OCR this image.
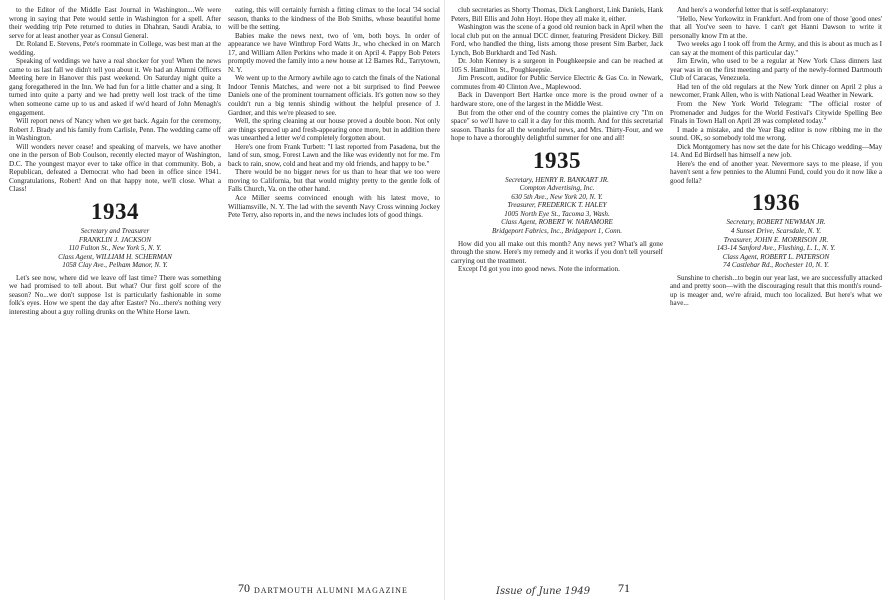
to the Editor of the Middle East Journal in Washington....We were wrong in saying that Pete would settle in Washington for a spell. After their wedding trip Pete returned to duties in Dhahran, Saudi Arabia, to serve for at least another year as Consul General.

Dr. Roland E. Stevens, Pete's roommate in College, was best man at the wedding.

Speaking of weddings we have a real shocker for you! When the news came to us last fall we didn't tell you about it. We had an Alumni Officers Meeting here in Hanover this past weekend. On Saturday night quite a gang foregathered in the Inn. We had fun for a little chatter and a sing. It turned into quite a party and we had pretty well lost track of the time when someone came up to us and asked if we'd heard of John Menagh's engagement.

Will report news of Nancy when we get back. Again for the ceremony, Robert J. Brady and his family from Carlisle, Penn. The wedding came off in Washington.

Will wonders never cease! and speaking of marvels, we have another one in the person of Bob Coulson, recently elected mayor of Washington, D.C. The youngest mayor ever to take office in that community. Bob, a Republican, defeated a Democrat who had been in office since 1941. Congratulations, Robert! And on that happy note, we'll close. What a Class!

1934

Secretary and Treasurer

FRANKLIN J. JACKSON

110 Fulton St., New York 5, N. Y.

Class Agent, WILLIAM H. SCHERMAN

1058 Clay Ave., Pelham Manor, N. Y.

Let's see now, where did we leave off last time? There was something we had promised to tell about. But what? Our first golf score of the season? No...we don't suppose 1st is particularly fashionable in some folk's eyes. How we spent the day after Easter? No...there's nothing very interesting about a guy rolling drunks on the White Horse lawn.

eating, this will certainly furnish a fitting climax to the local '34 social season, thanks to the kindness of the Bob Smiths, whose beautiful home will be the setting.

Babies make the news next, two of 'em, both boys. In order of appearance we have Winthrop Ford Watts Jr., who checked in on March 17, and William Allen Perkins who made it on April 4. Pappy Bob Peters promptly moved the family into a new house at 12 Barnes Rd., Tarrytown, N. Y.

We went up to the Armory awhile ago to catch the finals of the National Indoor Tennis Matches, and were not a bit surprised to find Peewee Daniels one of the prominent tournament officials. It's gotten now so they couldn't run a big tennis shindig without the helpful presence of J. Gardner, and this we're pleased to see.

Well, the spring cleaning at our house proved a double boon. Not only are things spruced up and fresh-appearing once more, but in addition there was unearthed a letter we'd completely forgotten about.

Here's one from Frank Turbett: "I last reported from Pasadena, but the land of sun, smog, Forest Lawn and the like was evidently not for me. I'm back to rain, snow, cold and heat and my old friends, and happy to be."

There would be no bigger news for us than to hear that we too were moving to California, but that would mighty pretty to the gentle folk of Falls Church, Va. on the other hand.

Ace Miller seems convinced enough with his latest move, to Williamsville, N. Y. The lad with the seventh Navy Cross winning Jockey Pete Terry, also reports in, and the news includes lots of good things.

club secretaries as Shorty Thomas, Dick Langhorst, Link Daniels, Hank Peters, Bill Ellis and John Hoyt. Hope they all make it, either.

Washington was the scene of a good old reunion back in April when the local club put on the annual DCC dinner, featuring President Dickey. Bill Ford, who handled the thing, lists among those present Sim Barber, Jack Lynch, Bob Burkhardt and Ted Nash.

Dr. John Kenney is a surgeon in Poughkeepsie and can be reached at 105 S. Hamilton St., Poughkeepsie.

Jim Prescott, auditor for Public Service Electric & Gas Co. in Newark, commutes from 40 Clinton Ave., Maplewood.

Back in Davenport Bert Hartke once more is the proud owner of a hardware store, one of the largest in the Middle West.

But from the other end of the country comes the plaintive cry "I'm on space" so we'll have to call it a day for this month. And for this secretarial season. Thanks for all the wonderful news, and Mrs. Thirty-Four, and we hope to have a thoroughly delightful summer for one and all!

1935

Secretary, HENRY R. BANKART JR.

Compton Advertising, Inc.

630 5th Ave., New York 20, N. Y.

Treasurer, FREDERICK T. HALEY

1005 North Eye St., Tacoma 3, Wash.

Class Agent, ROBERT W. NARAMORE

Bridgeport Fabrics, Inc., Bridgeport 1, Conn.

How did you all make out this month? Any news yet? What's all gone through the snow. Here's my remedy and it works if you don't tell yourself carrying out the treatment.

Except I'd got you into good news. Note the information.

And here's a wonderful letter that is self-explanatory:

"Hello, New Yorkowitz in Frankfurt. And from one of those 'good ones' that all You've seen to have. I can't get Hanni Dawson to write it personally know I'm at the.

Two weeks ago I took off from the Army, and this is about as much as I can say at the moment of this particular day."

Jim Erwin, who used to be a regular at New York Class dinners last year was in on the first meeting and party of the newly-formed Dartmouth Club of Caracas, Venezuela.

Had ten of the old regulars at the New York dinner on April 2 plus a newcomer, Frank Allen, who is with National Lead Weather in Newark.

From the New York World Telegram: "The official roster of Promenader and Judges for the World Festival's Citywide Spelling Bee Finals in Town Hall on April 28 was completed today."

I made a mistake, and the Year Bag editor is now ribbing me in the sound. OK, so somebody told me wrong.

Dick Montgomery has now set the date for his Chicago wedding—May 14. And Ed Birdsell has himself a new job.

Here's the end of another year. Nevermore says to me please, if you haven't sent a few pennies to the Alumni Fund, could you do it now like a good fella?

1936

Secretary, ROBERT NEWMAN JR.

4 Sunset Drive, Scarsdale, N. Y.

Treasurer, JOHN E. MORRISON JR.

143-14 Sanford Ave., Flushing, L. I., N. Y.

Class Agent, ROBERT L. PATERSON

74 Castlebar Rd., Rochester 10, N. Y.

Sunshine to cherish...to begin our year last, we are successfully attacked and and pretty soon—with the discouraging result that this month's round-up is meager and, we're afraid, much too localized. But here's what we have...

70 DARTMOUTH ALUMNI MAGAZINE	Issue of June 1949 71
